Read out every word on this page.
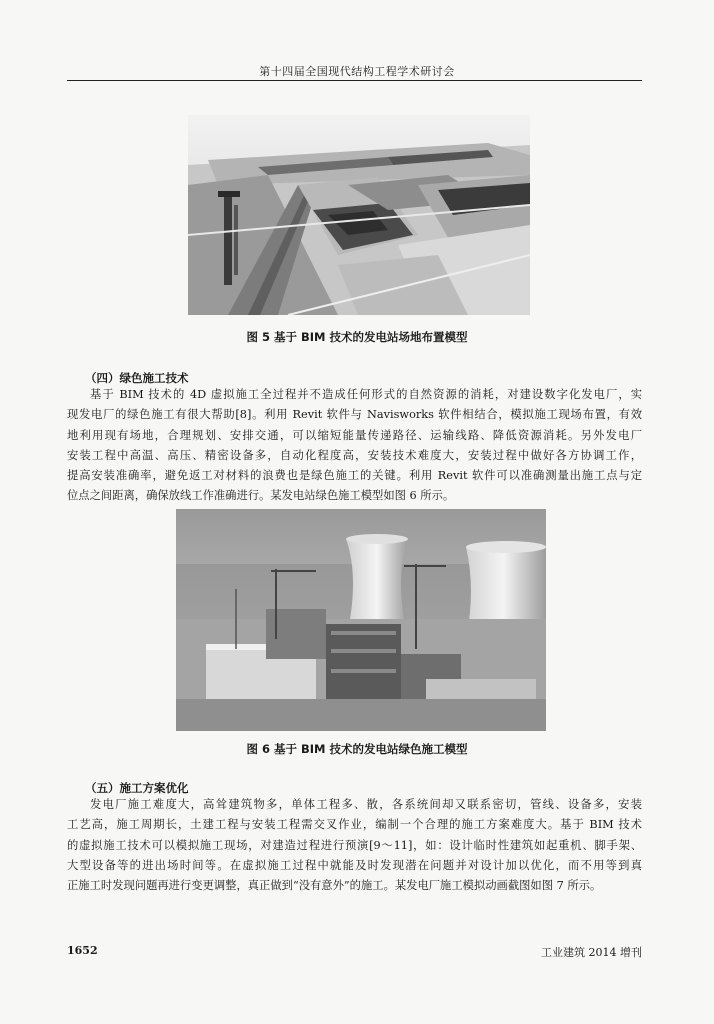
第十四届全国现代结构工程学术研讨会
图 5 基于 BIM 技术的发电站场地布置模型
（四）绿色施工技术
基于 BIM 技术的 4D 虚拟施工全过程并不造成任何形式的自然资源的消耗，对建设数字化发电厂，实
现发电厂的绿色施工有很大帮助[8]。利用 Revit 软件与 Navisworks 软件相结合，模拟施工现场布置，有效
地利用现有场地，合理规划、安排交通，可以缩短能量传递路径、运输线路、降低资源消耗。另外发电厂
安装工程中高温、高压、精密设备多，自动化程度高，安装技术难度大，安装过程中做好各方协调工作，
提高安装准确率，避免返工对材料的浪费也是绿色施工的关键。利用 Revit 软件可以准确测量出施工点与定
位点之间距离，确保放线工作准确进行。某发电站绿色施工模型如图 6 所示。
图 6 基于 BIM 技术的发电站绿色施工模型
（五）施工方案优化
发电厂施工难度大，高耸建筑物多，单体工程多、散，各系统间却又联系密切，管线、设备多，安装
工艺高，施工周期长，土建工程与安装工程需交叉作业，编制一个合理的施工方案难度大。基于 BIM 技术
的虚拟施工技术可以模拟施工现场，对建造过程进行预演[9～11]，如：设计临时性建筑如起重机、脚手架、
大型设备等的进出场时间等。在虚拟施工过程中就能及时发现潜在问题并对设计加以优化，而不用等到真
正施工时发现问题再进行变更调整，真正做到“没有意外”的施工。某发电厂施工模拟动画截图如图 7 所示。
1652	工业建筑 2014 增刊
